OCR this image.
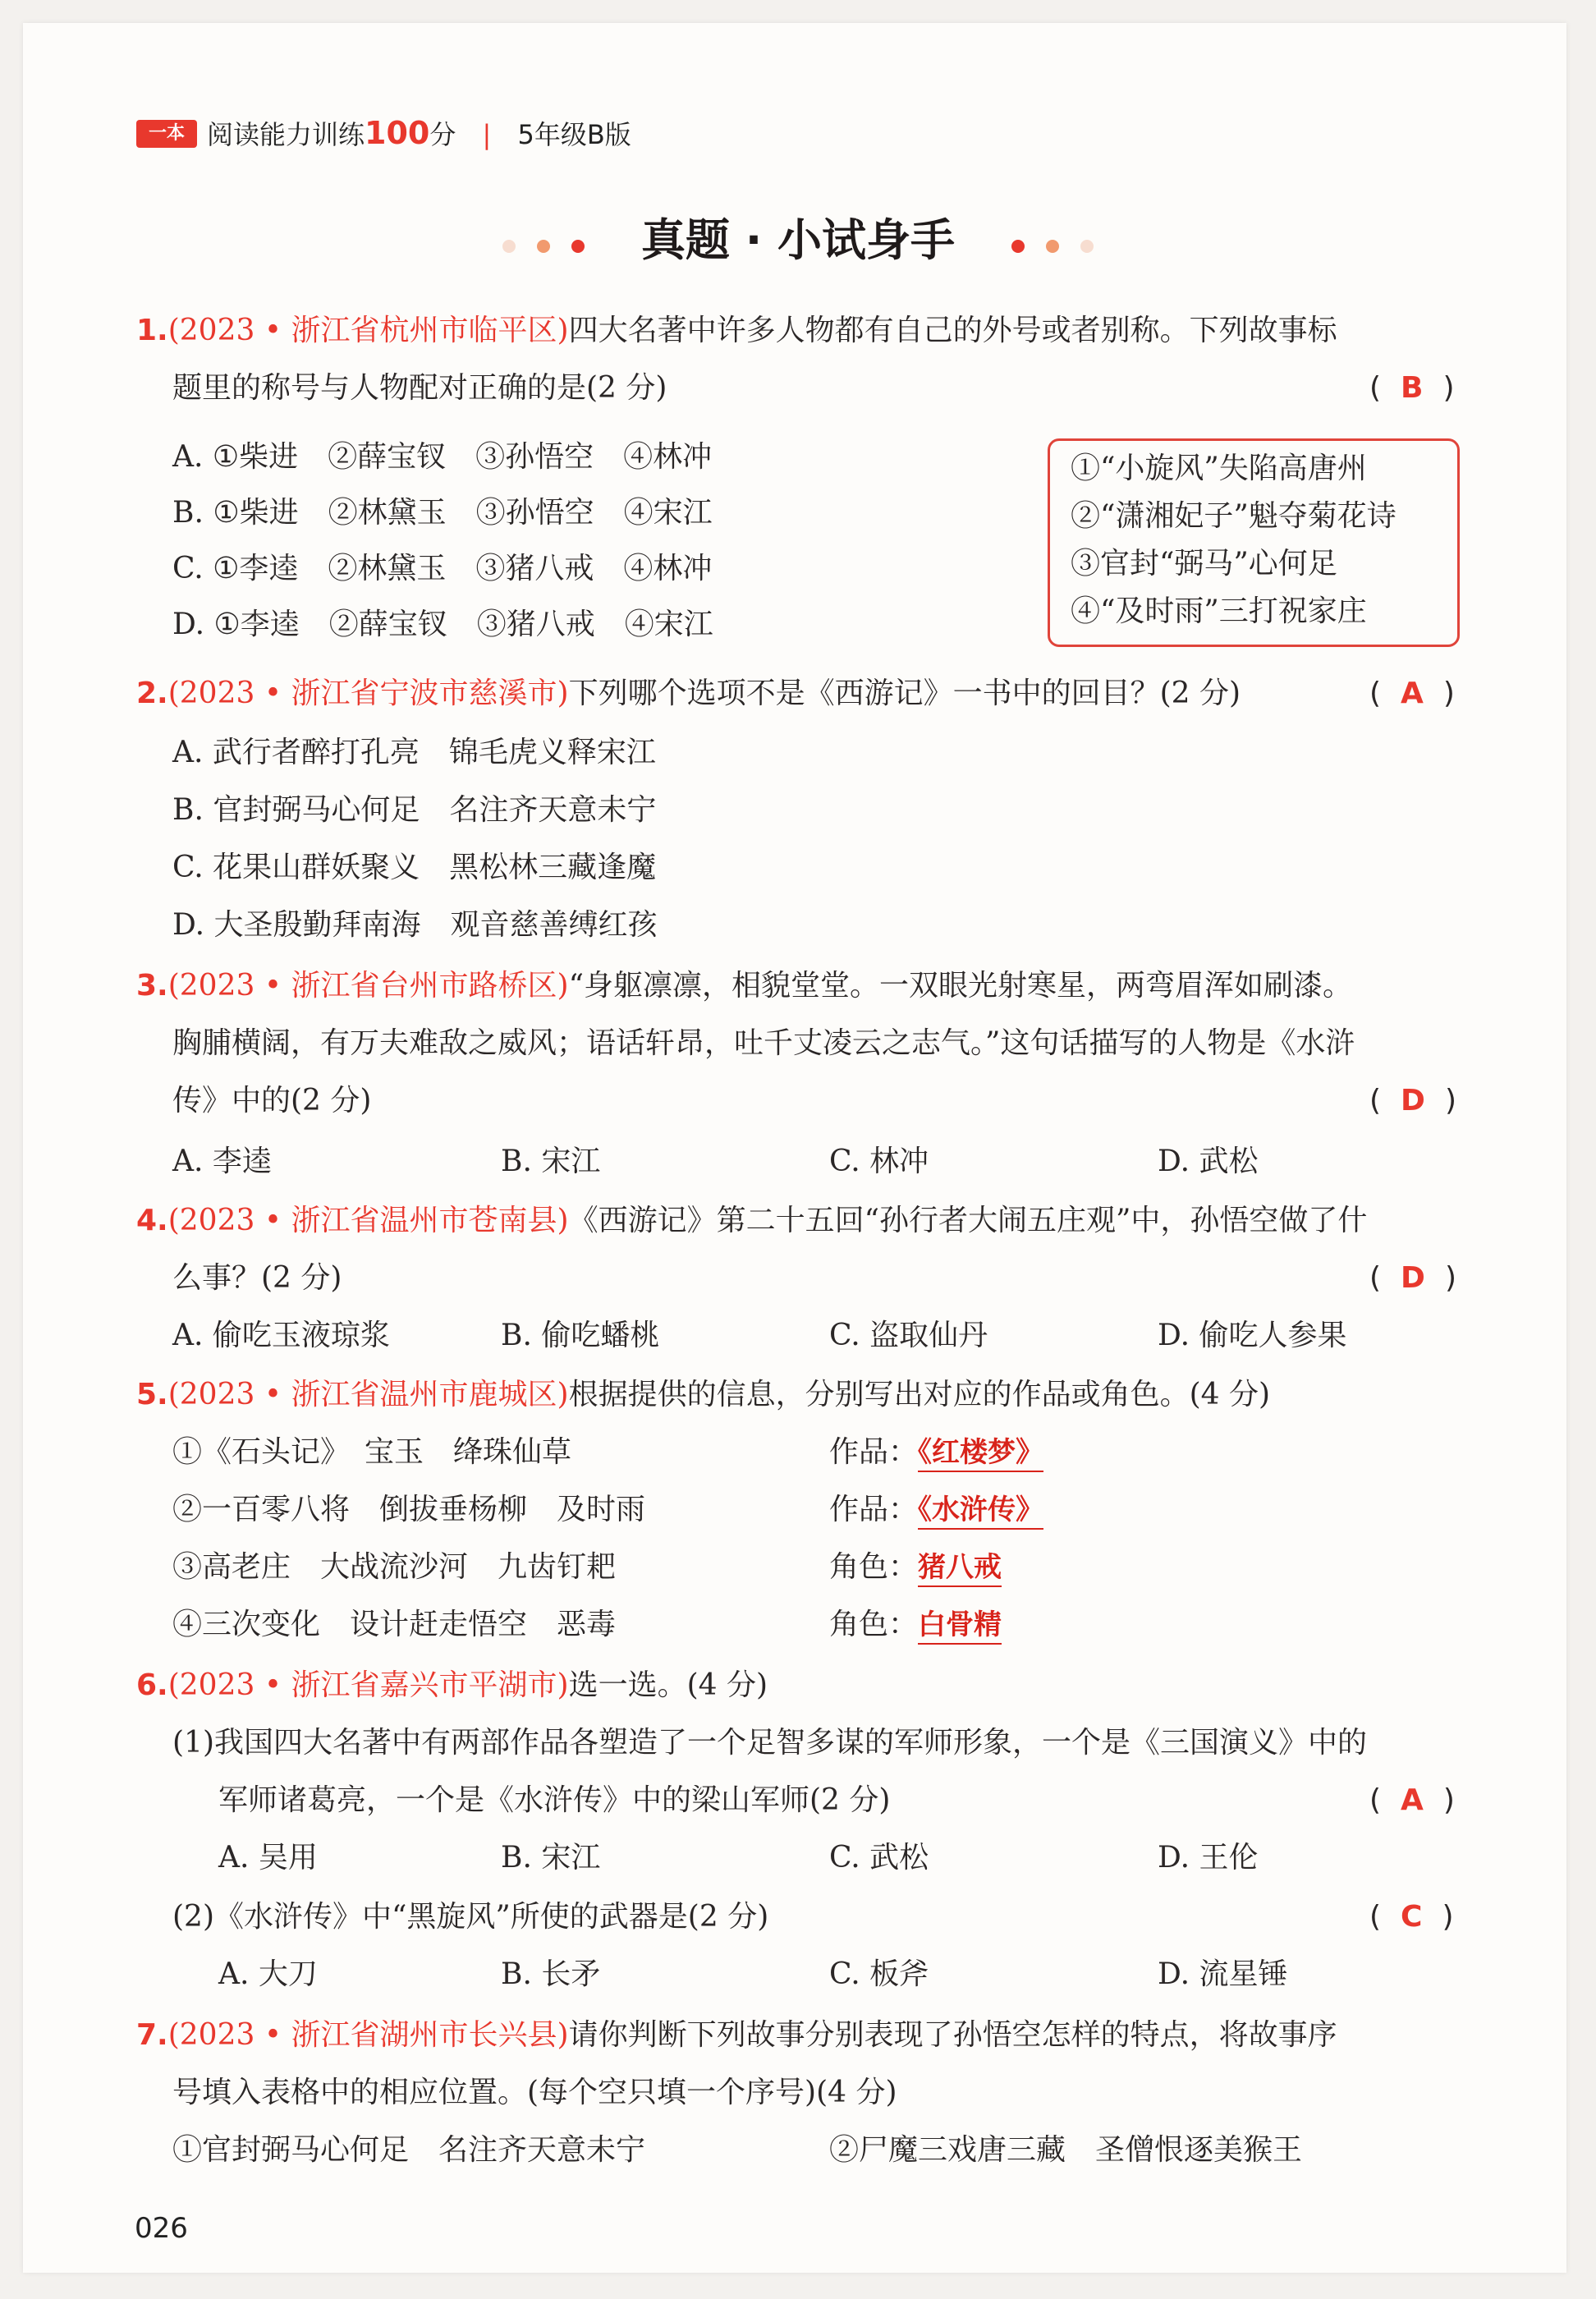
一本 阅读能力训练100分 | 5年级B版
真题 · 小试身手
1.(2023 • 浙江省杭州市临平区)四大名著中许多人物都有自己的外号或者别称。下列故事标
题里的称号与人物配对正确的是(2 分)	( B )
A. ①柴进　②薛宝钗　③孙悟空　④林冲
B. ①柴进　②林黛玉　③孙悟空　④宋江
C. ①李逵　②林黛玉　③猪八戒　④林冲
D. ①李逵　②薛宝钗　③猪八戒　④宋江
①“小旋风”失陷高唐州
②“潇湘妃子”魁夺菊花诗
③官封“弼马”心何足
④“及时雨”三打祝家庄
2.(2023 • 浙江省宁波市慈溪市)下列哪个选项不是《西游记》一书中的回目？(2 分)	( A )
A. 武行者醉打孔亮　锦毛虎义释宋江
B. 官封弼马心何足　名注齐天意未宁
C. 花果山群妖聚义　黑松林三藏逢魔
D. 大圣殷勤拜南海　观音慈善缚红孩
3.(2023 • 浙江省台州市路桥区)“身躯凛凛，相貌堂堂。一双眼光射寒星，两弯眉浑如刷漆。
胸脯横阔，有万夫难敌之威风；语话轩昂，吐千丈凌云之志气。”这句话描写的人物是《水浒
传》中的(2 分)	( D )
A. 李逵	B. 宋江	C. 林冲	D. 武松
4.(2023 • 浙江省温州市苍南县)《西游记》第二十五回“孙行者大闹五庄观”中，孙悟空做了什
么事？(2 分)	( D )
A. 偷吃玉液琼浆	B. 偷吃蟠桃	C. 盗取仙丹	D. 偷吃人参果
5.(2023 • 浙江省温州市鹿城区)根据提供的信息，分别写出对应的作品或角色。(4 分)
①《石头记》　宝玉　绛珠仙草	作品：《红楼梦》
②一百零八将　倒拔垂杨柳　及时雨	作品：《水浒传》
③高老庄　大战流沙河　九齿钉耙	角色：猪八戒
④三次变化　设计赶走悟空　恶毒	角色：白骨精
6.(2023 • 浙江省嘉兴市平湖市)选一选。(4 分)
(1)我国四大名著中有两部作品各塑造了一个足智多谋的军师形象，一个是《三国演义》中的
军师诸葛亮，一个是《水浒传》中的梁山军师(2 分)	( A )
A. 吴用	B. 宋江	C. 武松	D. 王伦
(2)《水浒传》中“黑旋风”所使的武器是(2 分)	( C )
A. 大刀	B. 长矛	C. 板斧	D. 流星锤
7.(2023 • 浙江省湖州市长兴县)请你判断下列故事分别表现了孙悟空怎样的特点，将故事序
号填入表格中的相应位置。(每个空只填一个序号)(4 分)
①官封弼马心何足　名注齐天意未宁	②尸魔三戏唐三藏　圣僧恨逐美猴王
026
